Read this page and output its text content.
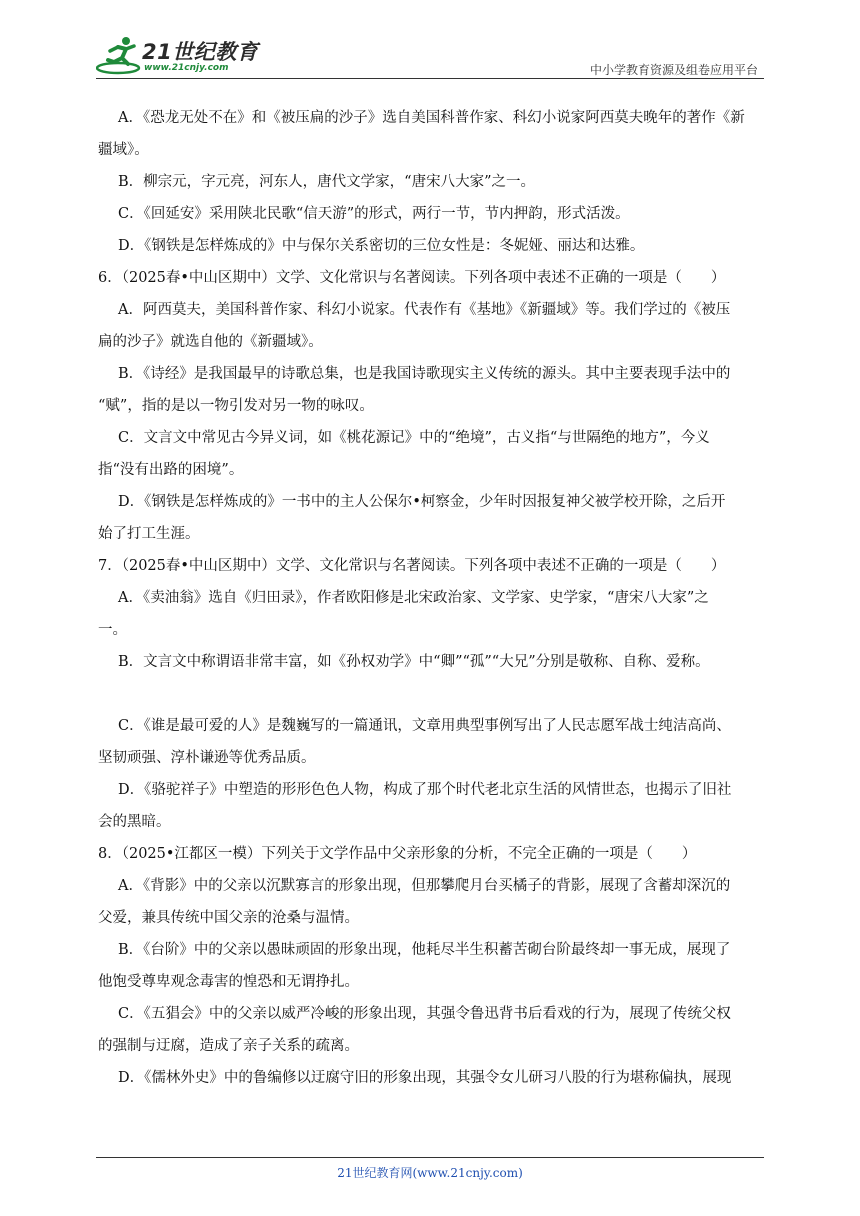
21世纪教育
www.21cnjy.com	中小学教育资源及组卷应用平台

A．《恐龙无处不在》和《被压扁的沙子》选自美国科普作家、科幻小说家阿西莫夫晚年的著作《新

疆域》。

B．柳宗元，字元亮，河东人，唐代文学家，“唐宋八大家”之一。

C．《回延安》采用陕北民歌“信天游”的形式，两行一节，节内押韵，形式活泼。

D．《钢铁是怎样炼成的》中与保尔关系密切的三位女性是：冬妮娅、丽达和达雅。

6．（2025春•中山区期中）文学、文化常识与名著阅读。下列各项中表述不正确的一项是（　　）

A．阿西莫夫，美国科普作家、科幻小说家。代表作有《基地》《新疆域》等。我们学过的《被压

扁的沙子》就选自他的《新疆域》。

B．《诗经》是我国最早的诗歌总集，也是我国诗歌现实主义传统的源头。其中主要表现手法中的

“赋”，指的是以一物引发对另一物的咏叹。

C．文言文中常见古今异义词，如《桃花源记》中的“绝境”，古义指“与世隔绝的地方”，今义

指“没有出路的困境”。

D．《钢铁是怎样炼成的》一书中的主人公保尔•柯察金，少年时因报复神父被学校开除，之后开

始了打工生涯。

7．（2025春•中山区期中）文学、文化常识与名著阅读。下列各项中表述不正确的一项是（　　）

A．《卖油翁》选自《归田录》，作者欧阳修是北宋政治家、文学家、史学家，“唐宋八大家”之

一。

B．文言文中称谓语非常丰富，如《孙权劝学》中“卿”“孤”“大兄”分别是敬称、自称、爱称。

C．《谁是最可爱的人》是魏巍写的一篇通讯，文章用典型事例写出了人民志愿军战士纯洁高尚、

坚韧顽强、淳朴谦逊等优秀品质。

D．《骆驼祥子》中塑造的形形色色人物，构成了那个时代老北京生活的风情世态，也揭示了旧社

会的黑暗。

8．（2025•江都区一模）下列关于文学作品中父亲形象的分析，不完全正确的一项是（　　）

A．《背影》中的父亲以沉默寡言的形象出现，但那攀爬月台买橘子的背影，展现了含蓄却深沉的

父爱，兼具传统中国父亲的沧桑与温情。

B．《台阶》中的父亲以愚昧顽固的形象出现，他耗尽半生积蓄苦砌台阶最终却一事无成，展现了

他饱受尊卑观念毒害的惶恐和无谓挣扎。

C．《五猖会》中的父亲以威严冷峻的形象出现，其强令鲁迅背书后看戏的行为，展现了传统父权

的强制与迂腐，造成了亲子关系的疏离。

D．《儒林外史》中的鲁编修以迂腐守旧的形象出现，其强令女儿研习八股的行为堪称偏执，展现

21世纪教育网(www.21cnjy.com)
